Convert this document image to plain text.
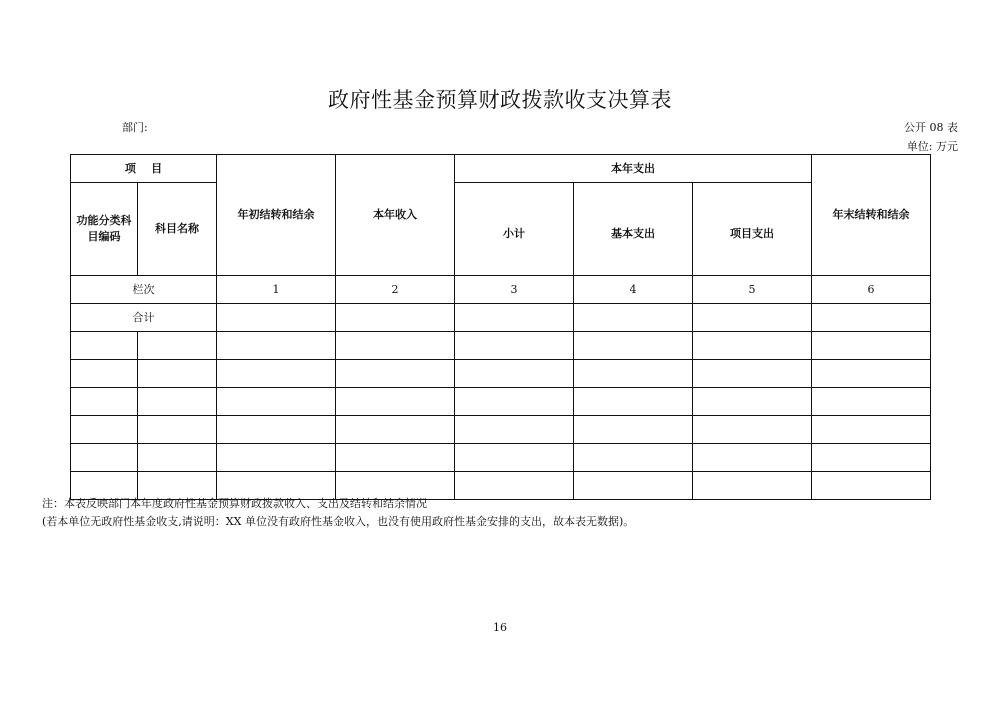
政府性基金预算财政拨款收支决算表
部门:	公开 08 表
单位: 万元
项    目		年初结转和结余	本年收入	本年支出			年末结转和结余
功能分类科目编码	科目名称			小计	基本支出	项目支出	
栏次		1	2	3	4	5	6
合计							

注：本表反映部门本年度政府性基金预算财政拨款收入、支出及结转和结余情况
(若本单位无政府性基金收支,请说明：XX 单位没有政府性基金收入，也没有使用政府性基金安排的支出，故本表无数据)。
16
